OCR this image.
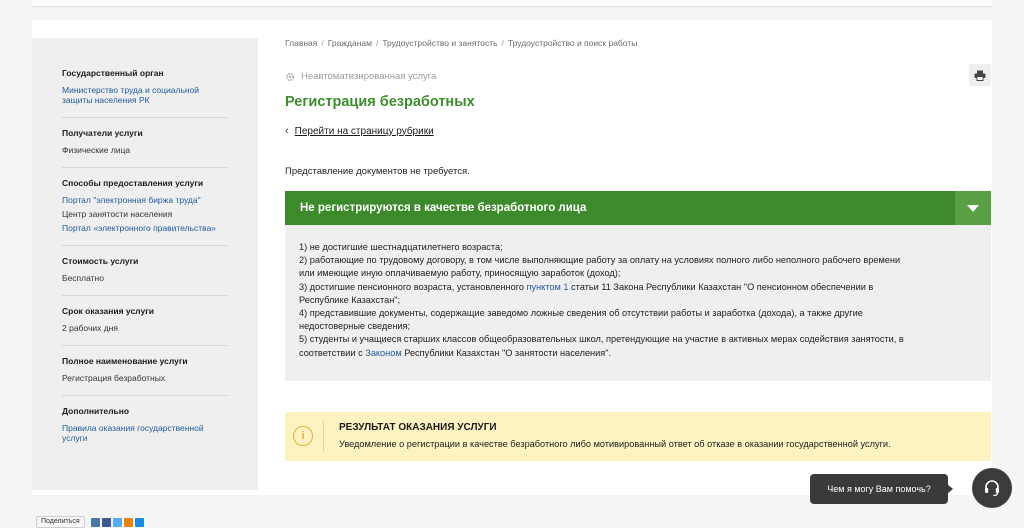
Государственный орган
Министерство труда и социальной защиты населения РК
Получатели услуги
Физические лица
Способы предоставления услуги
Портал "электронная биржа труда"
Центр занятости населения
Портал «электронного правительства»
Стоимость услуги
Бесплатно
Срок оказания услуги
2 рабочих дня
Полное наименование услуги
Регистрация безработных
Дополнительно
Правила оказания государственной услуги
Главная / Гражданам / Трудоустройство и занятость / Трудоустройство и поиск работы
Неавтоматизированная услуга
Регистрация безработных
‹ Перейти на страницу рубрики
Представление документов не требуется.
Не регистрируются в качестве безработного лица
1) не достигшие шестнадцатилетнего возраста;
2) работающие по трудовому договору, в том числе выполняющие работу за оплату на условиях полного либо неполного рабочего времени
или имеющие иную оплачиваемую работу, приносящую заработок (доход);
3) достигшие пенсионного возраста, установленного пунктом 1 статьи 11 Закона Республики Казахстан "О пенсионном обеспечении в
Республике Казахстан";
4) представившие документы, содержащие заведомо ложные сведения об отсутствии работы и заработка (дохода), а также другие
недостоверные сведения;
5) студенты и учащиеся старших классов общеобразовательных школ, претендующие на участие в активных мерах содействия занятости, в
соответствии с Законом Республики Казахстан "О занятости населения".
i
РЕЗУЛЬТАТ ОКАЗАНИЯ УСЛУГИ
Уведомление о регистрации в качестве безработного либо мотивированный ответ об отказе в оказании государственной услуги.
Чем я могу Вам помочь?
Поделиться
